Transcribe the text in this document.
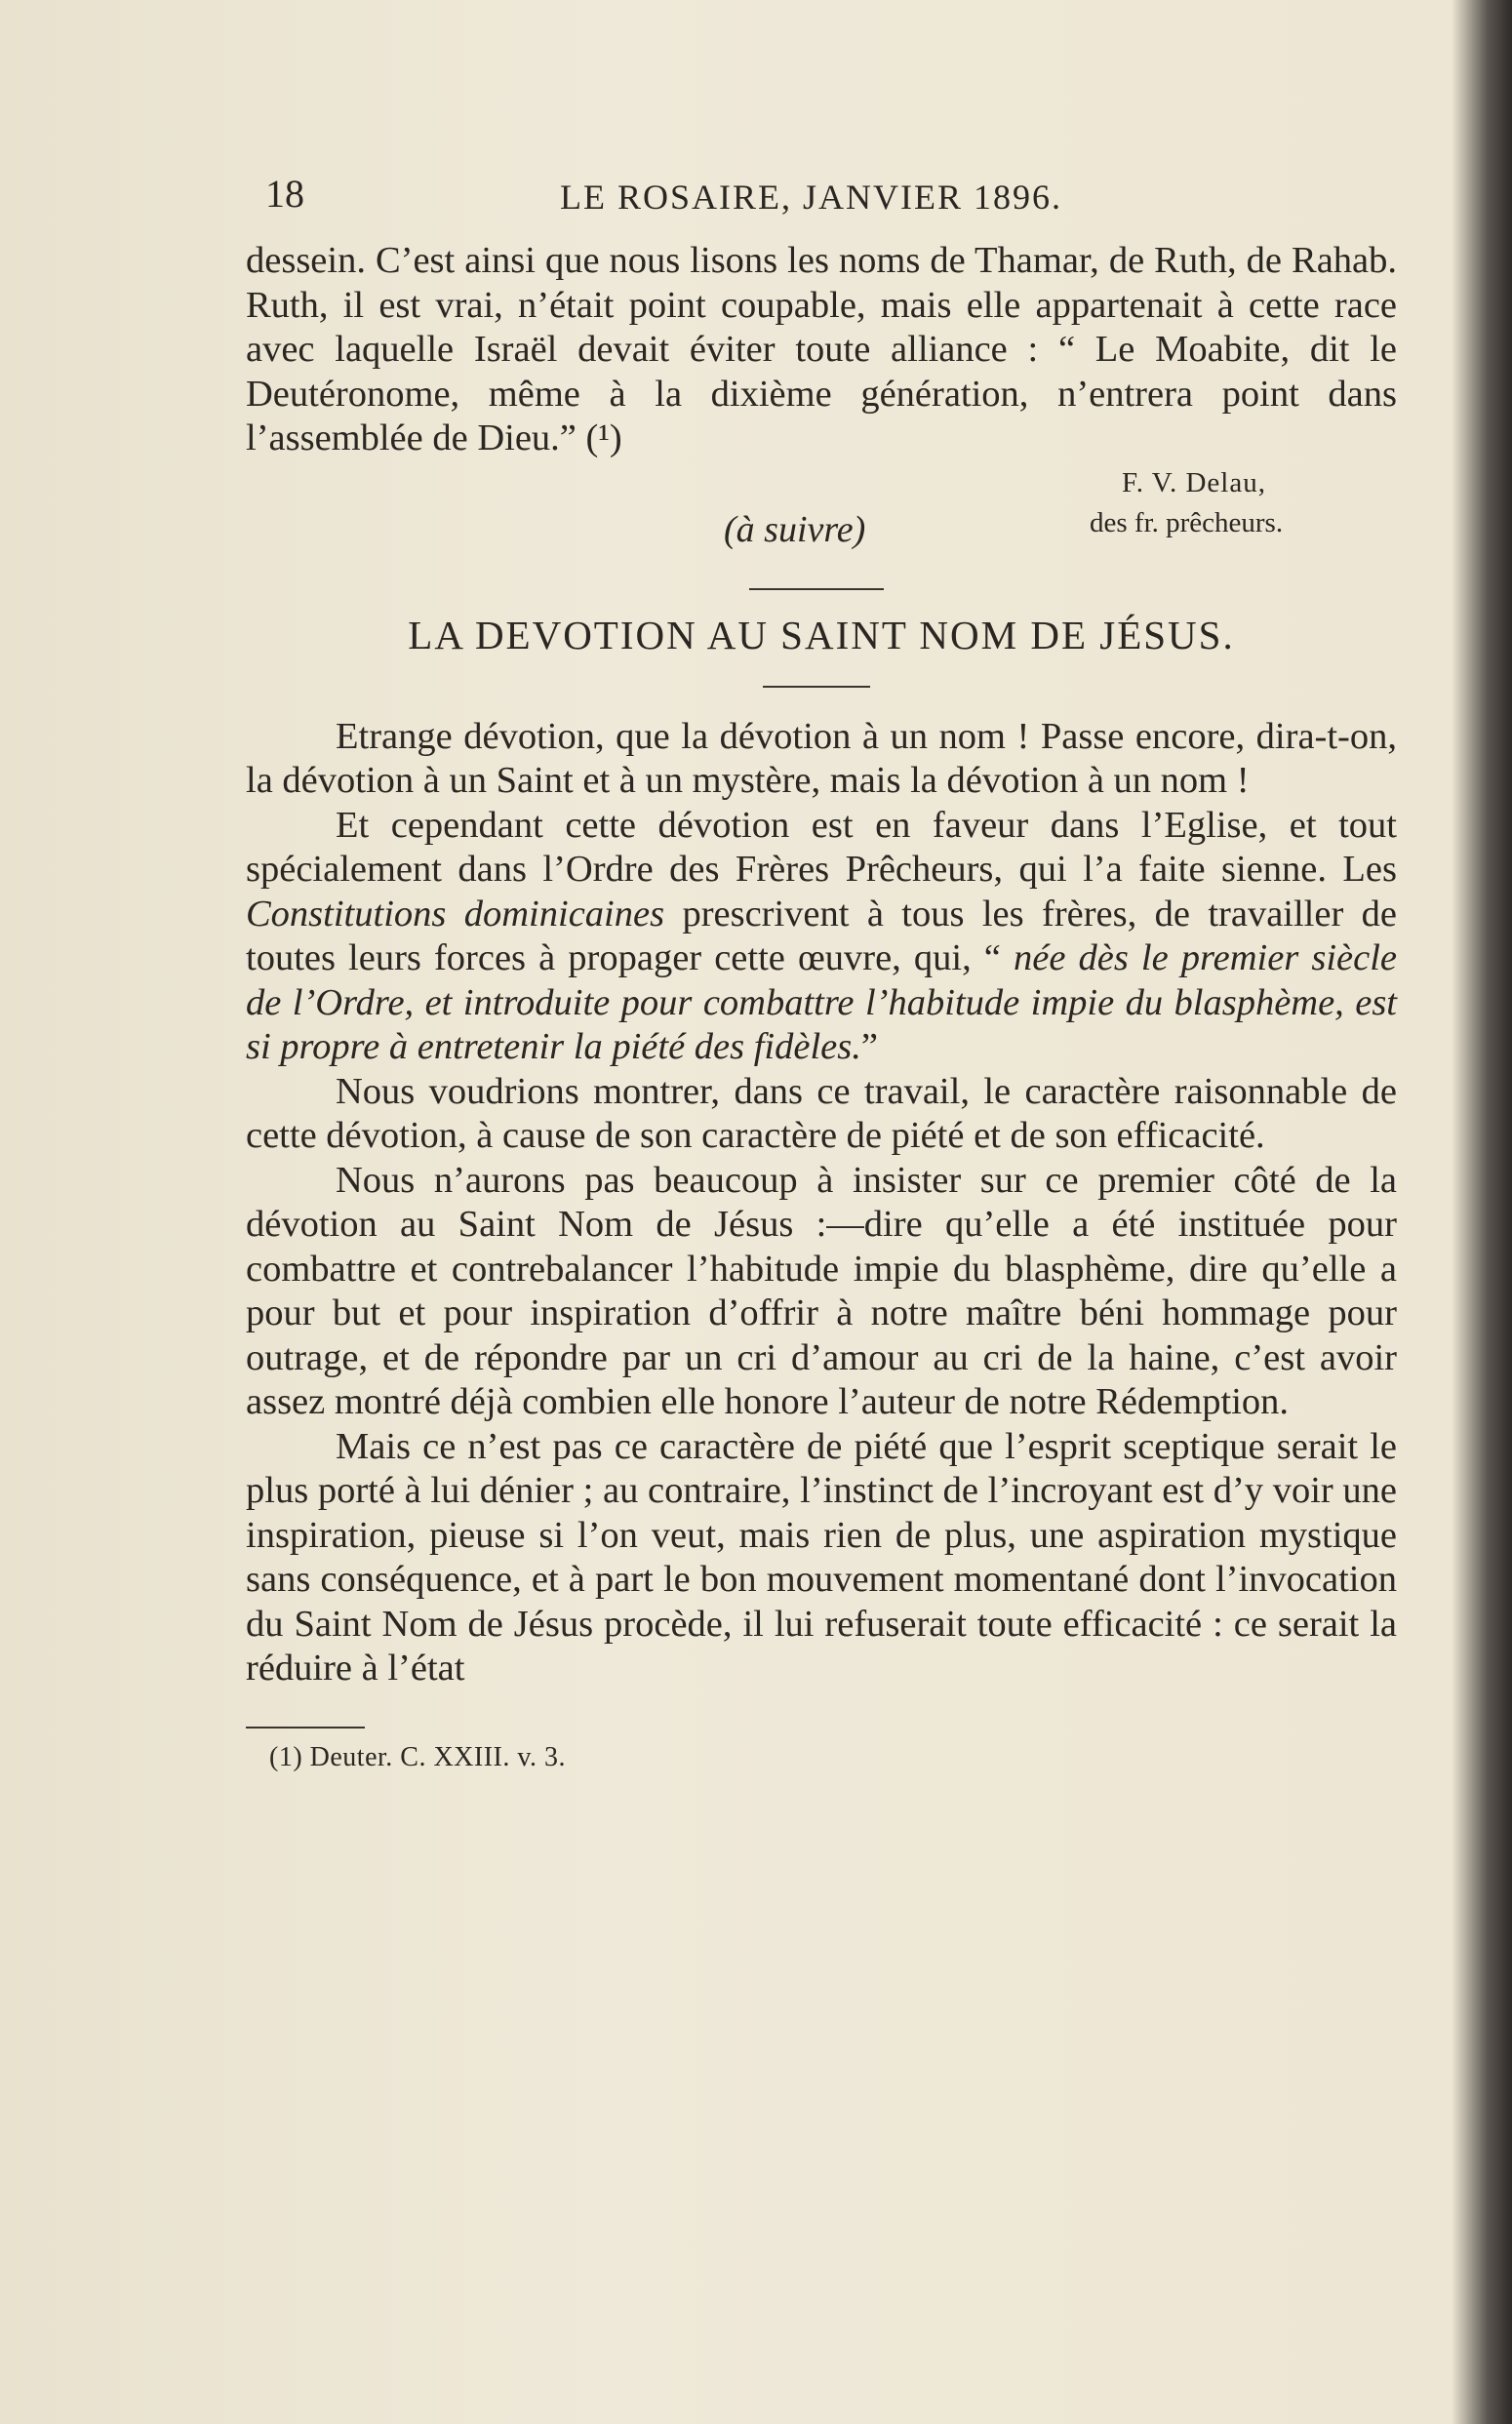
18	LE ROSAIRE, JANVIER 1896.

dessein. C’est ainsi que nous lisons les noms de Thamar, de Ruth, de Rahab. Ruth, il est vrai, n’était point coupable, mais elle appartenait à cette race avec laquelle Israël devait éviter toute alliance : “ Le Moabite, dit le Deutéronome, même à la dixième génération, n’entrera point dans l’assemblée de Dieu.” (¹)

F. V. Delau,
des fr. prêcheurs.
(à suivre)
LA DEVOTION AU SAINT NOM DE JÉSUS.

Etrange dévotion, que la dévotion à un nom ! Passe encore, dira-t-on, la dévotion à un Saint et à un mystère, mais la dévotion à un nom !

Et cependant cette dévotion est en faveur dans l’Eglise, et tout spécialement dans l’Ordre des Frères Prêcheurs, qui l’a faite sienne. Les Constitutions dominicaines prescrivent à tous les frères, de travailler de toutes leurs forces à propager cette œuvre, qui, “ née dès le premier siècle de l’Ordre, et introduite pour combattre l’habitude impie du blasphème, est si propre à entretenir la piété des fidèles.”

Nous voudrions montrer, dans ce travail, le caractère raisonnable de cette dévotion, à cause de son caractère de piété et de son efficacité.

Nous n’aurons pas beaucoup à insister sur ce premier côté de la dévotion au Saint Nom de Jésus :—dire qu’elle a été instituée pour combattre et contrebalancer l’habitude impie du blasphème, dire qu’elle a pour but et pour inspiration d’offrir à notre maître béni hommage pour outrage, et de répondre par un cri d’amour au cri de la haine, c’est avoir assez montré déjà combien elle honore l’auteur de notre Rédemption.

Mais ce n’est pas ce caractère de piété que l’esprit sceptique serait le plus porté à lui dénier ; au contraire, l’instinct de l’incroyant est d’y voir une inspiration, pieuse si l’on veut, mais rien de plus, une aspiration mystique sans conséquence, et à part le bon mouvement momentané dont l’invocation du Saint Nom de Jésus procède, il lui refuserait toute efficacité : ce serait la réduire à l’état

(1) Deuter. C. XXIII. v. 3.
